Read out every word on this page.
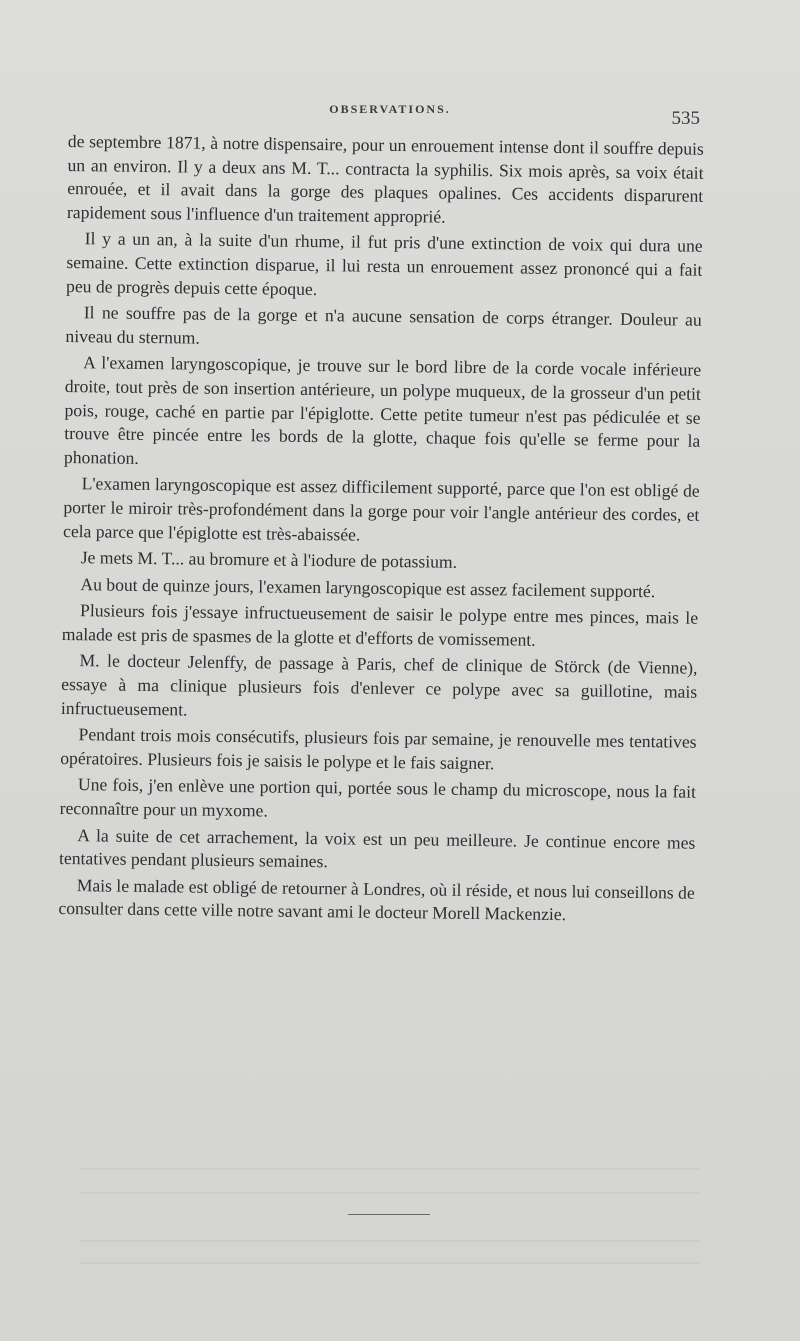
OBSERVATIONS.	535

de septembre 1871, à notre dispensaire, pour un enrouement intense dont il souffre depuis un an environ. Il y a deux ans M. T... contracta la syphilis. Six mois après, sa voix était enrouée, et il avait dans la gorge des plaques opalines. Ces accidents disparurent rapidement sous l'influence d'un traitement approprié.

Il y a un an, à la suite d'un rhume, il fut pris d'une extinction de voix qui dura une semaine. Cette extinction disparue, il lui resta un enrouement assez prononcé qui a fait peu de progrès depuis cette époque.

Il ne souffre pas de la gorge et n'a aucune sensation de corps étranger. Douleur au niveau du sternum.

A l'examen laryngoscopique, je trouve sur le bord libre de la corde vocale inférieure droite, tout près de son insertion antérieure, un polype muqueux, de la grosseur d'un petit pois, rouge, caché en partie par l'épiglotte. Cette petite tumeur n'est pas pédiculée et se trouve être pincée entre les bords de la glotte, chaque fois qu'elle se ferme pour la phonation.

L'examen laryngoscopique est assez difficilement supporté, parce que l'on est obligé de porter le miroir très-profondément dans la gorge pour voir l'angle antérieur des cordes, et cela parce que l'épiglotte est très-abaissée.

Je mets M. T... au bromure et à l'iodure de potassium.

Au bout de quinze jours, l'examen laryngoscopique est assez facilement supporté.

Plusieurs fois j'essaye infructueusement de saisir le polype entre mes pinces, mais le malade est pris de spasmes de la glotte et d'efforts de vomissement.

M. le docteur Jelenffy, de passage à Paris, chef de clinique de Störck (de Vienne), essaye à ma clinique plusieurs fois d'enlever ce polype avec sa guillotine, mais infructueusement.

Pendant trois mois consécutifs, plusieurs fois par semaine, je renouvelle mes tentatives opératoires. Plusieurs fois je saisis le polype et le fais saigner.

Une fois, j'en enlève une portion qui, portée sous le champ du microscope, nous la fait reconnaître pour un myxome.

A la suite de cet arrachement, la voix est un peu meilleure. Je continue encore mes tentatives pendant plusieurs semaines.

Mais le malade est obligé de retourner à Londres, où il réside, et nous lui conseillons de consulter dans cette ville notre savant ami le docteur Morell Mackenzie.
